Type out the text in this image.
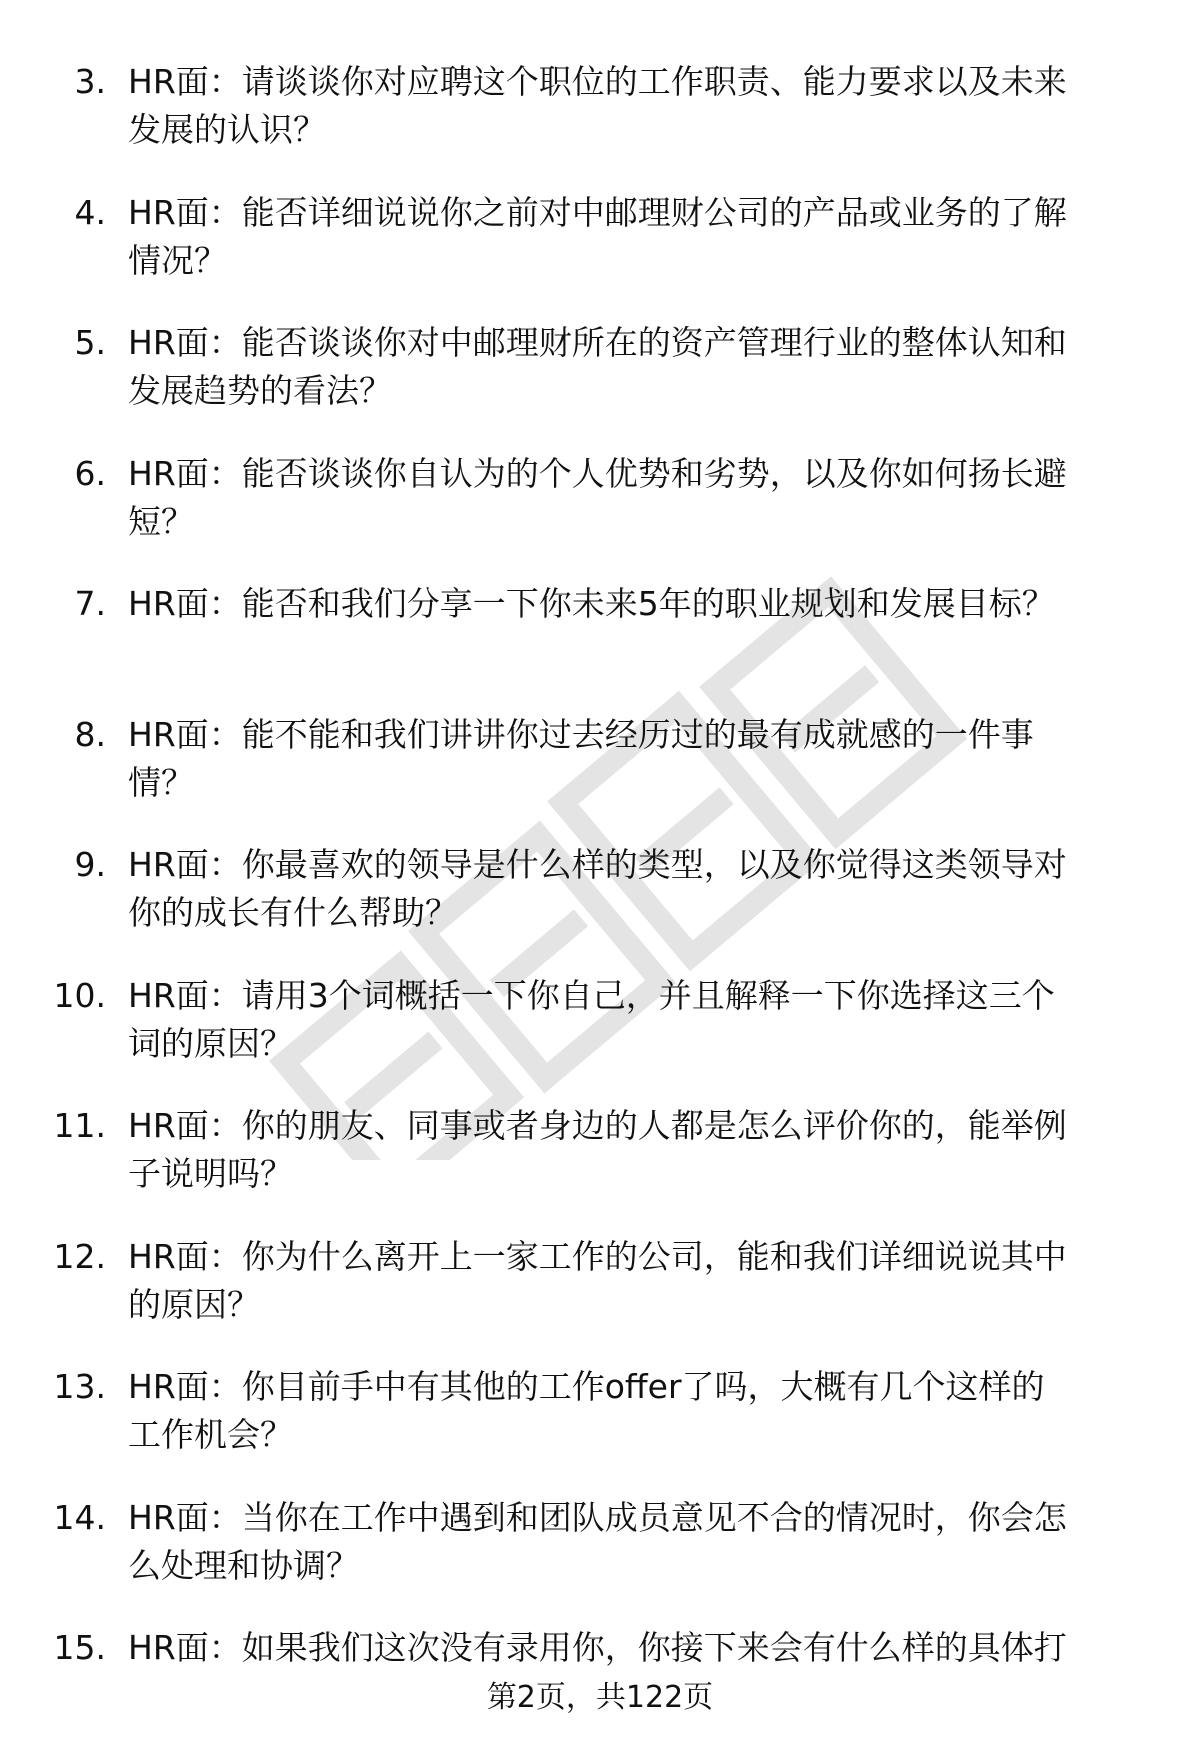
3. HR面：请谈谈你对应聘这个职位的工作职责、能力要求以及未来
发展的认识？
4. HR面：能否详细说说你之前对中邮理财公司的产品或业务的了解
情况？
5. HR面：能否谈谈你对中邮理财所在的资产管理行业的整体认知和
发展趋势的看法？
6. HR面：能否谈谈你自认为的个人优势和劣势，以及你如何扬长避
短？
7. HR面：能否和我们分享一下你未来5年的职业规划和发展目标？
8. HR面：能不能和我们讲讲你过去经历过的最有成就感的一件事
情？
9. HR面：你最喜欢的领导是什么样的类型，以及你觉得这类领导对
你的成长有什么帮助？
10. HR面：请用3个词概括一下你自己，并且解释一下你选择这三个
词的原因？
11. HR面：你的朋友、同事或者身边的人都是怎么评价你的，能举例
子说明吗？
12. HR面：你为什么离开上一家工作的公司，能和我们详细说说其中
的原因？
13. HR面：你目前手中有其他的工作offer了吗，大概有几个这样的
工作机会？
14. HR面：当你在工作中遇到和团队成员意见不合的情况时，你会怎
么处理和协调？
15. HR面：如果我们这次没有录用你，你接下来会有什么样的具体打
第2页，共122页
